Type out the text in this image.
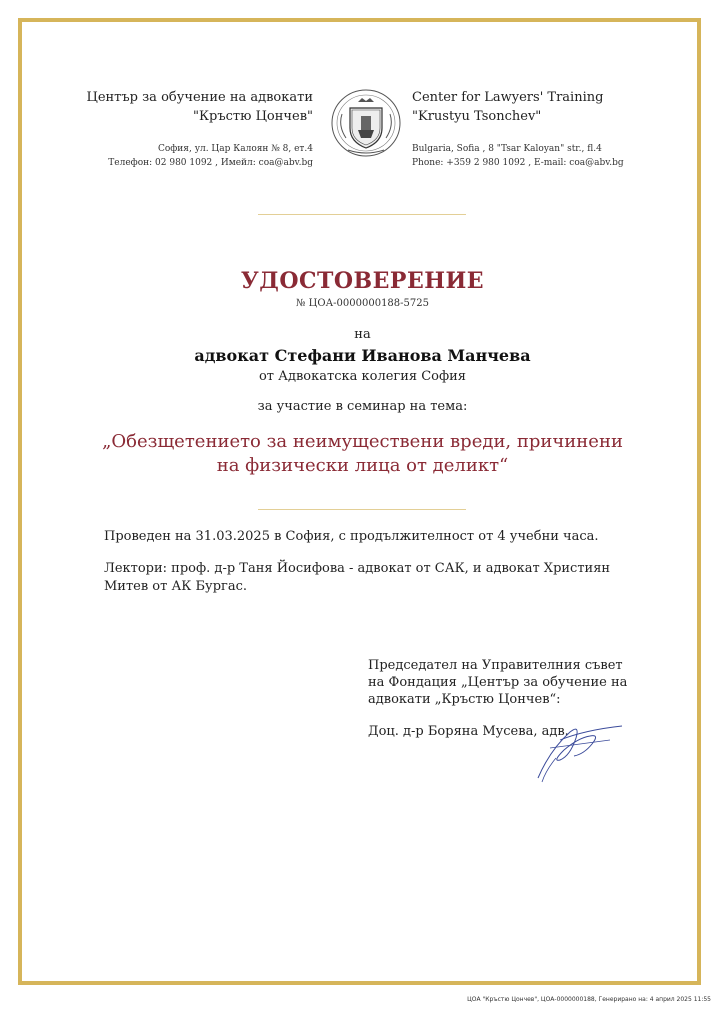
Център за обучение на адвокати
"Кръстю Цончев"
София, ул. Цар Калоян № 8, ет.4
Телефон: 02 980 1092 , Имейл: coa@abv.bg
Center for Lawyers' Training
"Krustyu Tsonchev"
Bulgaria, Sofia , 8 "Tsar Kaloyan" str., fl.4
Phone: +359 2 980 1092 , E-mail: coa@abv.bg
УДОСТОВЕРЕНИЕ
№ ЦОА-0000000188-5725
на
адвокат Стефани Иванова Манчева
от Адвокатска колегия София
за участие в семинар на тема:
„Обезщетението за неимуществени вреди, причинени
на физически лица от деликт“
Проведен на 31.03.2025 в София, с продължителност от 4 учебни часа.
Лектори: проф. д-р Таня Йосифова - адвокат от САК, и адвокат Християн Митев от АК Бургас.
Председател на Управителния съвет
на Фондация „Център за обучение на
адвокати „Кръстю Цончев“:
Доц. д-р Боряна Мусева, адв.
ЦОА "Кръстю Цончев", ЦОА-0000000188, Генерирано на: 4 април 2025 11:55
